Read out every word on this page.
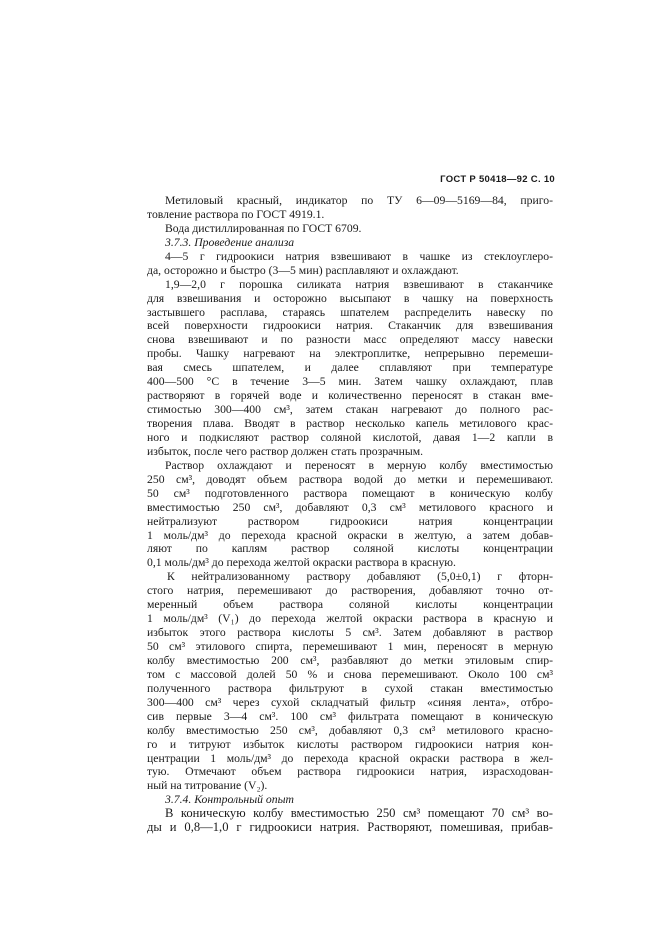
ГОСТ Р 50418—92 С. 10
Метиловый красный, индикатор по ТУ 6—09—5169—84, приго-
товление раствора по ГОСТ 4919.1.
Вода дистиллированная по ГОСТ 6709.
3.7.3. Проведение анализа
4—5 г гидроокиси натрия взвешивают в чашке из стеклоуглеро-
да, осторожно и быстро (3—5 мин) расплавляют и охлаждают.
1,9—2,0 г порошка силиката натрия взвешивают в стаканчике
для взвешивания и осторожно высыпают в чашку на поверхность
застывшего расплава, стараясь шпателем распределить навеску по
всей поверхности гидроокиси натрия. Стаканчик для взвешивания
снова взвешивают и по разности масс определяют массу навески
пробы. Чашку нагревают на электроплитке, непрерывно перемеши-
вая смесь шпателем, и далее сплавляют при температуре
400—500 °С в течение 3—5 мин. Затем чашку охлаждают, плав
растворяют в горячей воде и количественно переносят в стакан вме-
стимостью 300—400 см³, затем стакан нагревают до полного рас-
творения плава. Вводят в раствор несколько капель метилового крас-
ного и подкисляют раствор соляной кислотой, давая 1—2 капли в
избыток, после чего раствор должен стать прозрачным.
Раствор охлаждают и переносят в мерную колбу вместимостью
250 см³, доводят объем раствора водой до метки и перемешивают.
50 см³ подготовленного раствора помещают в коническую колбу
вместимостью 250 см³, добавляют 0,3 см³ метилового красного и
нейтрализуют раствором гидроокиси натрия концентрации
1 моль/дм³ до перехода красной окраски в желтую, а затем добав-
ляют по каплям раствор соляной кислоты концентрации
0,1 моль/дм³ до перехода желтой окраски раствора в красную.
К нейтрализованному раствору добавляют (5,0±0,1) г фторн-
стого натрия, перемешивают до растворения, добавляют точно от-
меренный объем раствора соляной кислоты концентрации
1 моль/дм³ (V₁) до перехода желтой окраски раствора в красную и
избыток этого раствора кислоты 5 см³. Затем добавляют в раствор
50 см³ этилового спирта, перемешивают 1 мин, переносят в мерную
колбу вместимостью 200 см³, разбавляют до метки этиловым спир-
том с массовой долей 50 % и снова перемешивают. Около 100 см³
полученного раствора фильтруют в сухой стакан вместимостью
300—400 см³ через сухой складчатый фильтр «синяя лента», отбро-
сив первые 3—4 см³. 100 см³ фильтрата помещают в коническую
колбу вместимостью 250 см³, добавляют 0,3 см³ метилового красно-
го и титруют избыток кислоты раствором гидроокиси натрия кон-
центрации 1 моль/дм³ до перехода красной окраски раствора в жел-
тую. Отмечают объем раствора гидроокиси натрия, израсходован-
ный на титрование (V₂).
3.7.4. Контрольный опыт
В коническую колбу вместимостью 250 см³ помещают 70 см³ во-
ды и 0,8—1,0 г гидроокиси натрия. Растворяют, помешивая, прибав-
